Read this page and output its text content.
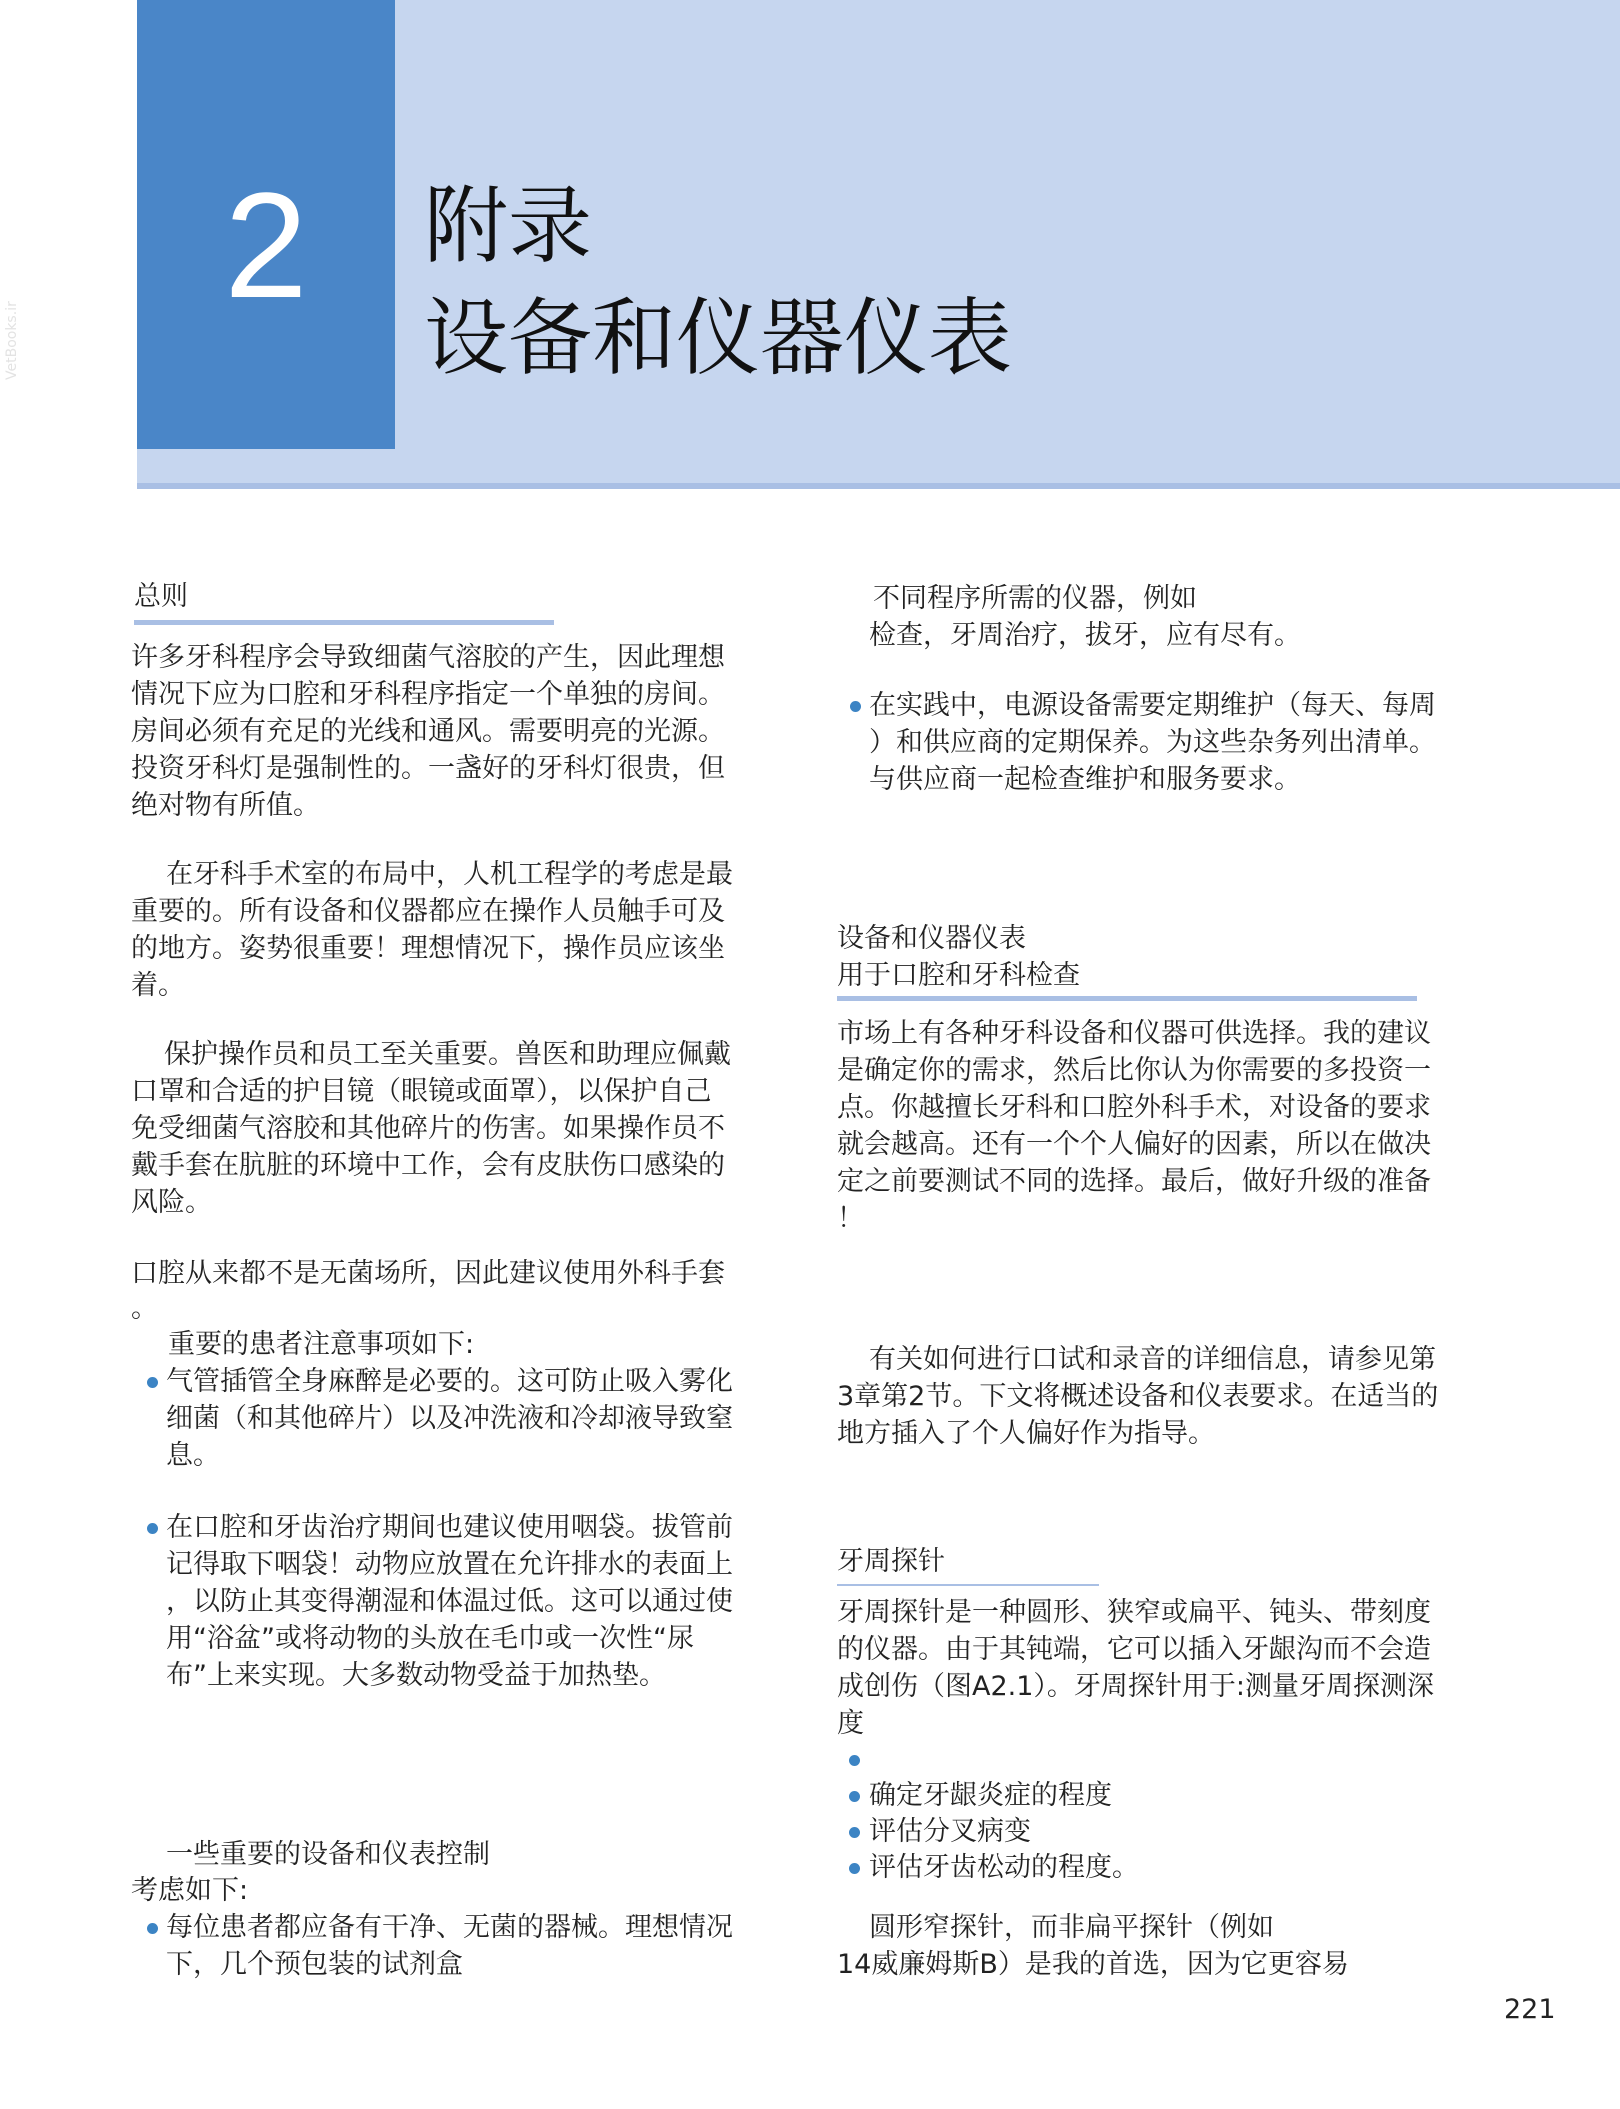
2	附录
设备和仪器仪表
VetBooks.ir
总则
许多牙科程序会导致细菌气溶胶的产生，因此理想
情况下应为口腔和牙科程序指定一个单独的房间。
房间必须有充足的光线和通风。需要明亮的光源。
投资牙科灯是强制性的。一盏好的牙科灯很贵，但
绝对物有所值。
在牙科手术室的布局中，人机工程学的考虑是最
重要的。所有设备和仪器都应在操作人员触手可及
的地方。姿势很重要！理想情况下，操作员应该坐
着。
保护操作员和员工至关重要。兽医和助理应佩戴
口罩和合适的护目镜（眼镜或面罩），以保护自己
免受细菌气溶胶和其他碎片的伤害。如果操作员不
戴手套在肮脏的环境中工作，会有皮肤伤口感染的
风险。
口腔从来都不是无菌场所，因此建议使用外科手套
。
重要的患者注意事项如下:
气管插管全身麻醉是必要的。这可防止吸入雾化
细菌（和其他碎片）以及冲洗液和冷却液导致窒
息。
在口腔和牙齿治疗期间也建议使用咽袋。拔管前
记得取下咽袋！动物应放置在允许排水的表面上
，以防止其变得潮湿和体温过低。这可以通过使
用“浴盆”或将动物的头放在毛巾或一次性“尿
布”上来实现。大多数动物受益于加热垫。
一些重要的设备和仪表控制
考虑如下:
每位患者都应备有干净、无菌的器械。理想情况
下，几个预包装的试剂盒
不同程序所需的仪器，例如
检查，牙周治疗，拔牙，应有尽有。
在实践中，电源设备需要定期维护（每天、每周
）和供应商的定期保养。为这些杂务列出清单。
与供应商一起检查维护和服务要求。
设备和仪器仪表
用于口腔和牙科检查
市场上有各种牙科设备和仪器可供选择。我的建议
是确定你的需求，然后比你认为你需要的多投资一
点。你越擅长牙科和口腔外科手术，对设备的要求
就会越高。还有一个个人偏好的因素，所以在做决
定之前要测试不同的选择。最后，做好升级的准备
！
有关如何进行口试和录音的详细信息，请参见第
3章第2节。下文将概述设备和仪表要求。在适当的
地方插入了个人偏好作为指导。
牙周探针
牙周探针是一种圆形、狭窄或扁平、钝头、带刻度
的仪器。由于其钝端，它可以插入牙龈沟而不会造
成创伤（图A2.1）。牙周探针用于:测量牙周探测深
度
确定牙龈炎症的程度
评估分叉病变
评估牙齿松动的程度。
圆形窄探针，而非扁平探针（例如
14威廉姆斯B）是我的首选，因为它更容易
221
